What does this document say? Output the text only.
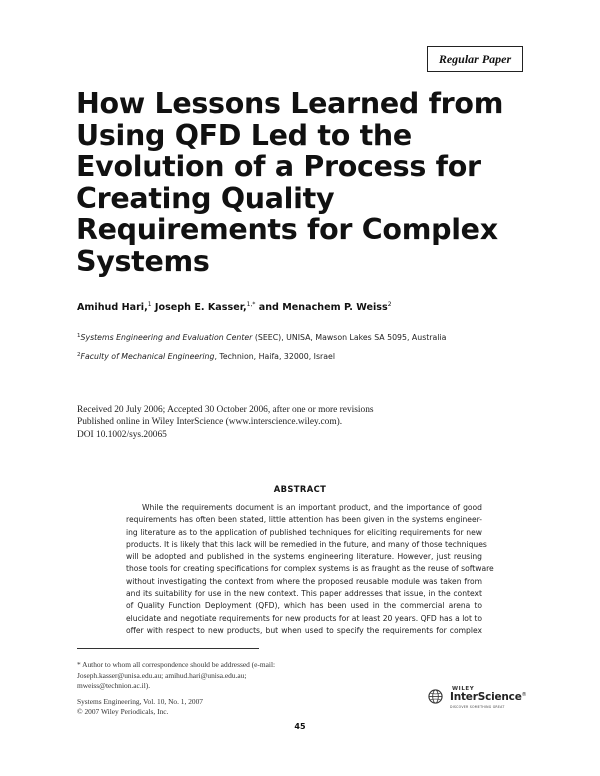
Regular Paper
How Lessons Learned from
Using QFD Led to the
Evolution of a Process for
Creating Quality
Requirements for Complex
Systems
Amihud Hari,$^1$ Joseph E. Kasser,$^{1,*}$ and Menachem P. Weiss$^2$
$^1$Systems Engineering and Evaluation Center (SEEC), UNISA, Mawson Lakes SA 5095, Australia
$^2$Faculty of Mechanical Engineering, Technion, Haifa, 32000, Israel
Received 20 July 2006; Accepted 30 October 2006, after one or more revisions
Published online in Wiley InterScience (www.interscience.wiley.com).
DOI 10.1002/sys.20065
ABSTRACT
While the requirements document is an important product, and the importance of good
requirements has often been stated, little attention has been given in the systems engineer-
ing literature as to the application of published techniques for eliciting requirements for new
products. It is likely that this lack will be remedied in the future, and many of those techniques
will be adopted and published in the systems engineering literature. However, just reusing
those tools for creating specifications for complex systems is as fraught as the reuse of software
without investigating the context from where the proposed reusable module was taken from
and its suitability for use in the new context. This paper addresses that issue, in the context
of Quality Function Deployment (QFD), which has been used in the commercial arena to
elucidate and negotiate requirements for new products for at least 20 years. QFD has a lot to
offer with respect to new products, but when used to specify the requirements for complex
* Author to whom all correspondence should be addressed (e-mail:
Joseph.kasser@unisa.edu.au; amihud.hari@unisa.edu.au;
mweiss@technion.ac.il).
Systems Engineering, Vol. 10, No. 1, 2007
© 2007 Wiley Periodicals, Inc.
WILEY
InterScience®
DISCOVER SOMETHING GREAT
45
